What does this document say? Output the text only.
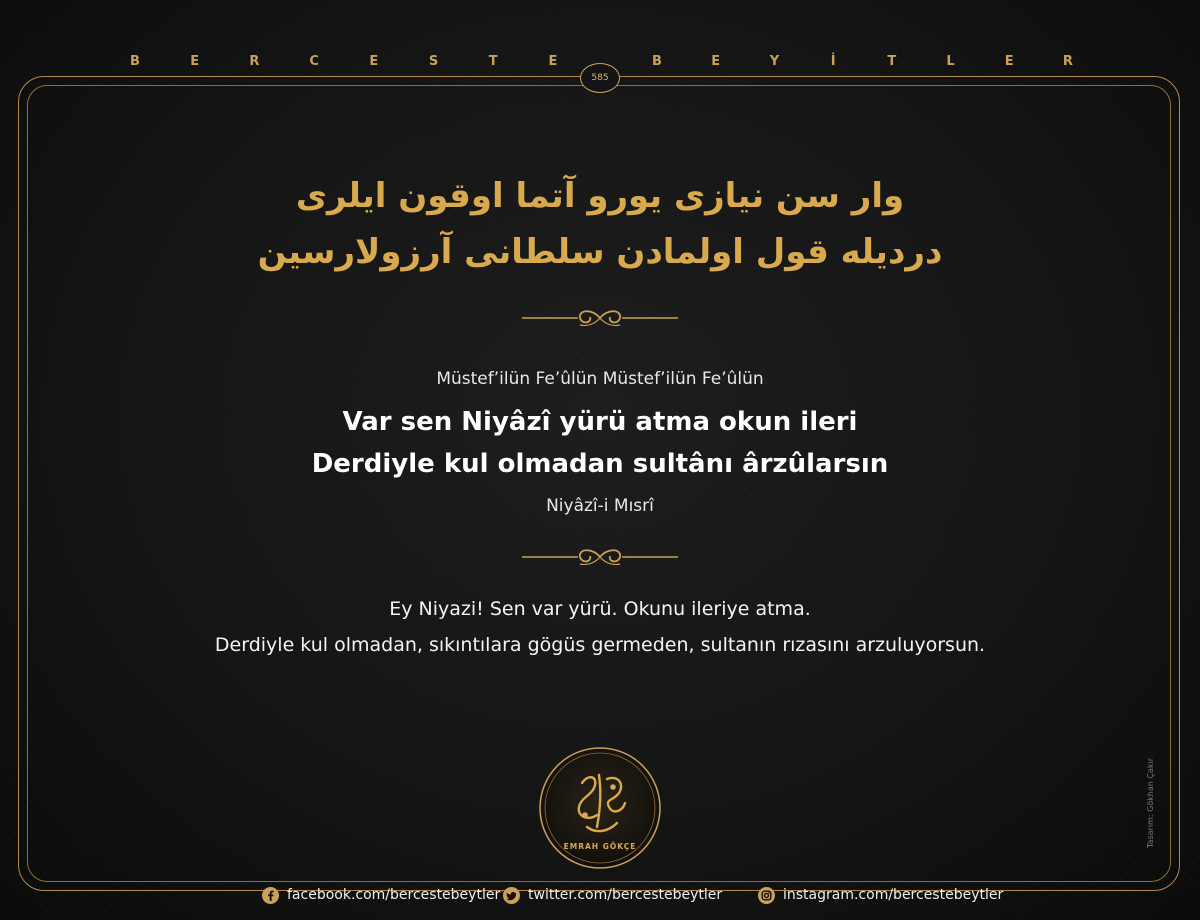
B	E	R	C	E	S	T	E	B	E	Y	İ	T	L	E	R
585
وار سن نیازی یورو آتما اوقون ایلری
دردیله قول اولمادن سلطانی آرزولارسین
Müstef’ilün Fe’ûlün Müstef’ilün Fe’ûlün
Var sen Niyâzî yürü atma okun ileri
Derdiyle kul olmadan sultânı ârzûlarsın
Niyâzî-i Mısrî
Ey Niyazi! Sen var yürü. Okunu ileriye atma.
Derdiyle kul olmadan, sıkıntılara gögüs germeden, sultanın rızasını arzuluyorsun.
EMRAH GÖKÇE	Tasarım: Gökhan Çakır
facebook.com/bercestebeytler twitter.com/bercestebeytler	instagram.com/bercestebeytler
